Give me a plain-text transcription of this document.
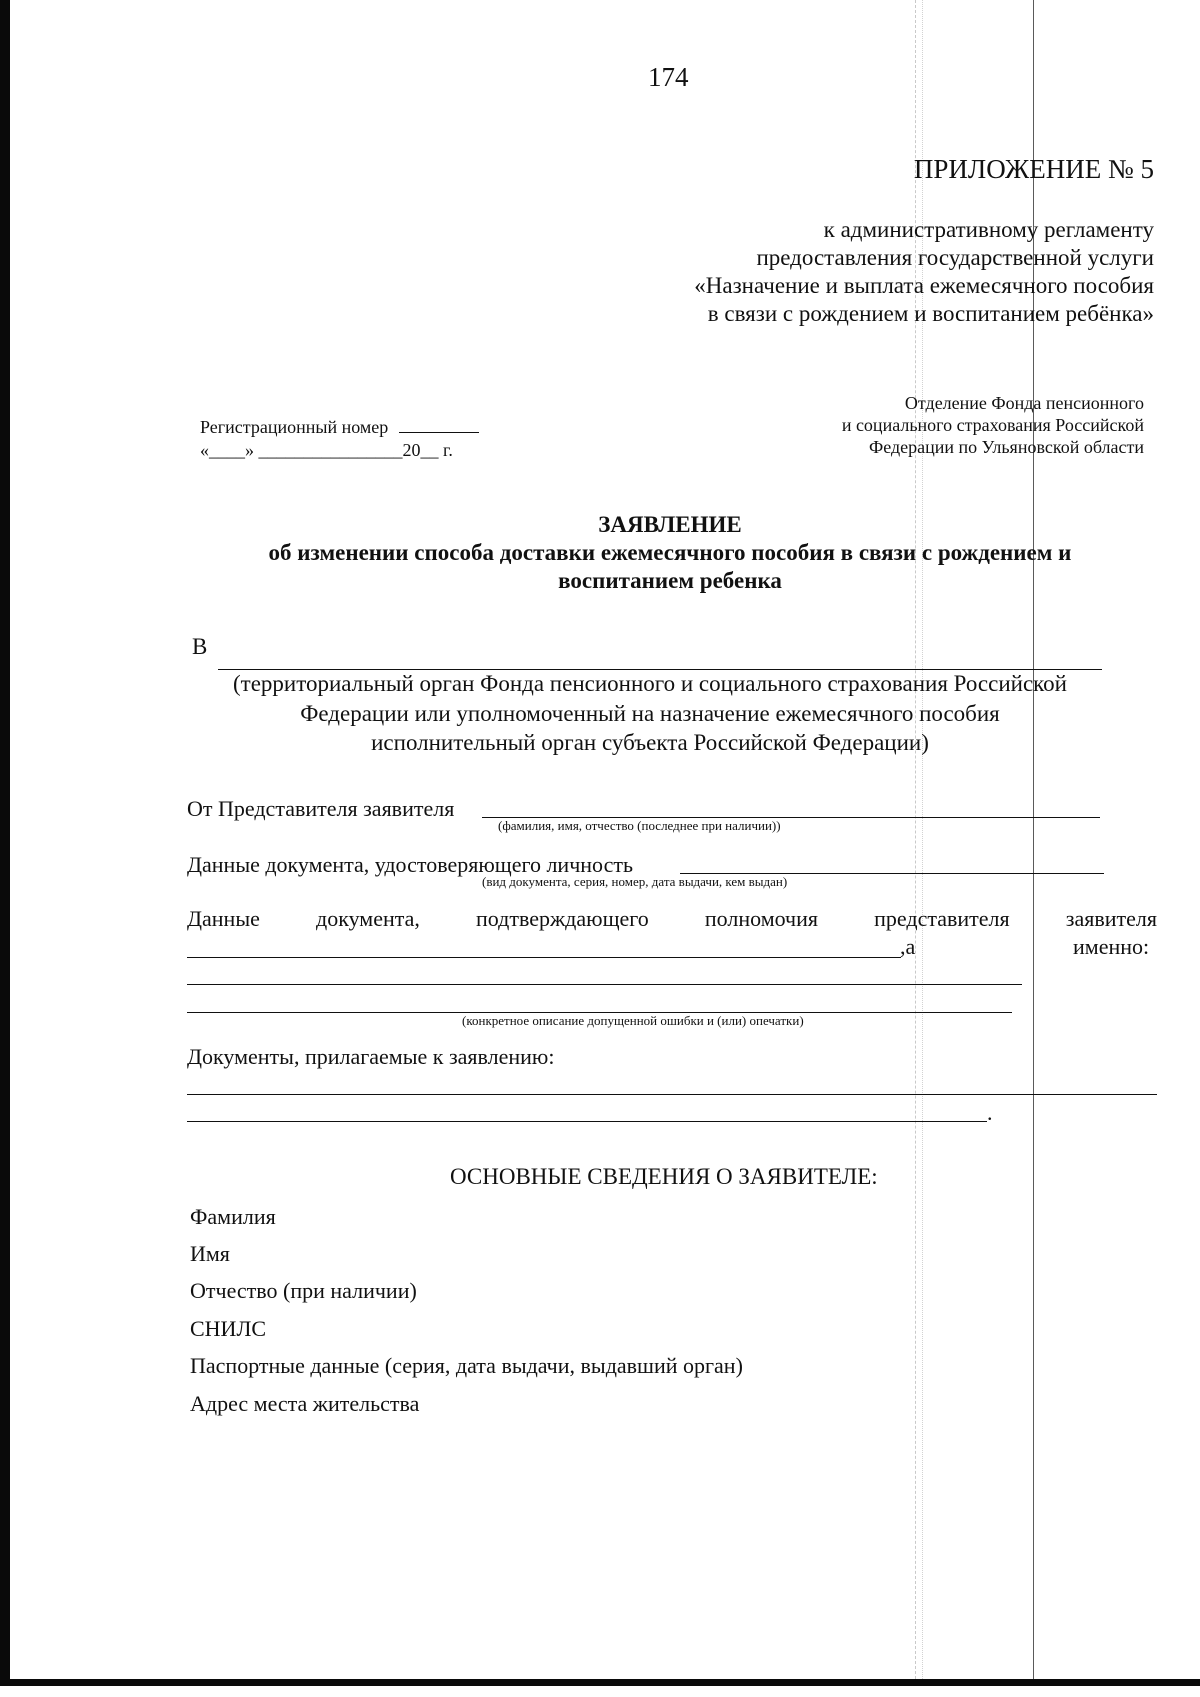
174
ПРИЛОЖЕНИЕ № 5
к административному регламенту
предоставления государственной услуги
«Назначение и выплата ежемесячного пособия
в связи с рождением и воспитанием ребёнка»
Отделение Фонда пенсионного
и социального страхования Российской
Федерации по Ульяновской области
Регистрационный номер
«____» ________________20__ г.
ЗАЯВЛЕНИЕ
об изменении способа доставки ежемесячного пособия в связи с рождением и
воспитанием ребенка
В
(территориальный орган Фонда пенсионного и социального страхования Российской
Федерации или уполномоченный на назначение ежемесячного пособия
исполнительный орган субъекта Российской Федерации)
От Представителя заявителя
(фамилия, имя, отчество (последнее при наличии))
Данные документа, удостоверяющего личность
(вид документа, серия, номер, дата выдачи, кем выдан)
Данные	документа,	подтверждающего	полномочия	представителя	заявителя
,а	именно:
(конкретное описание допущенной ошибки и (или) опечатки)
Документы, прилагаемые к заявлению:
.
ОСНОВНЫЕ СВЕДЕНИЯ О ЗАЯВИТЕЛЕ:
Фамилия
Имя
Отчество (при наличии)
СНИЛС
Паспортные данные (серия, дата выдачи, выдавший орган)
Адрес места жительства
